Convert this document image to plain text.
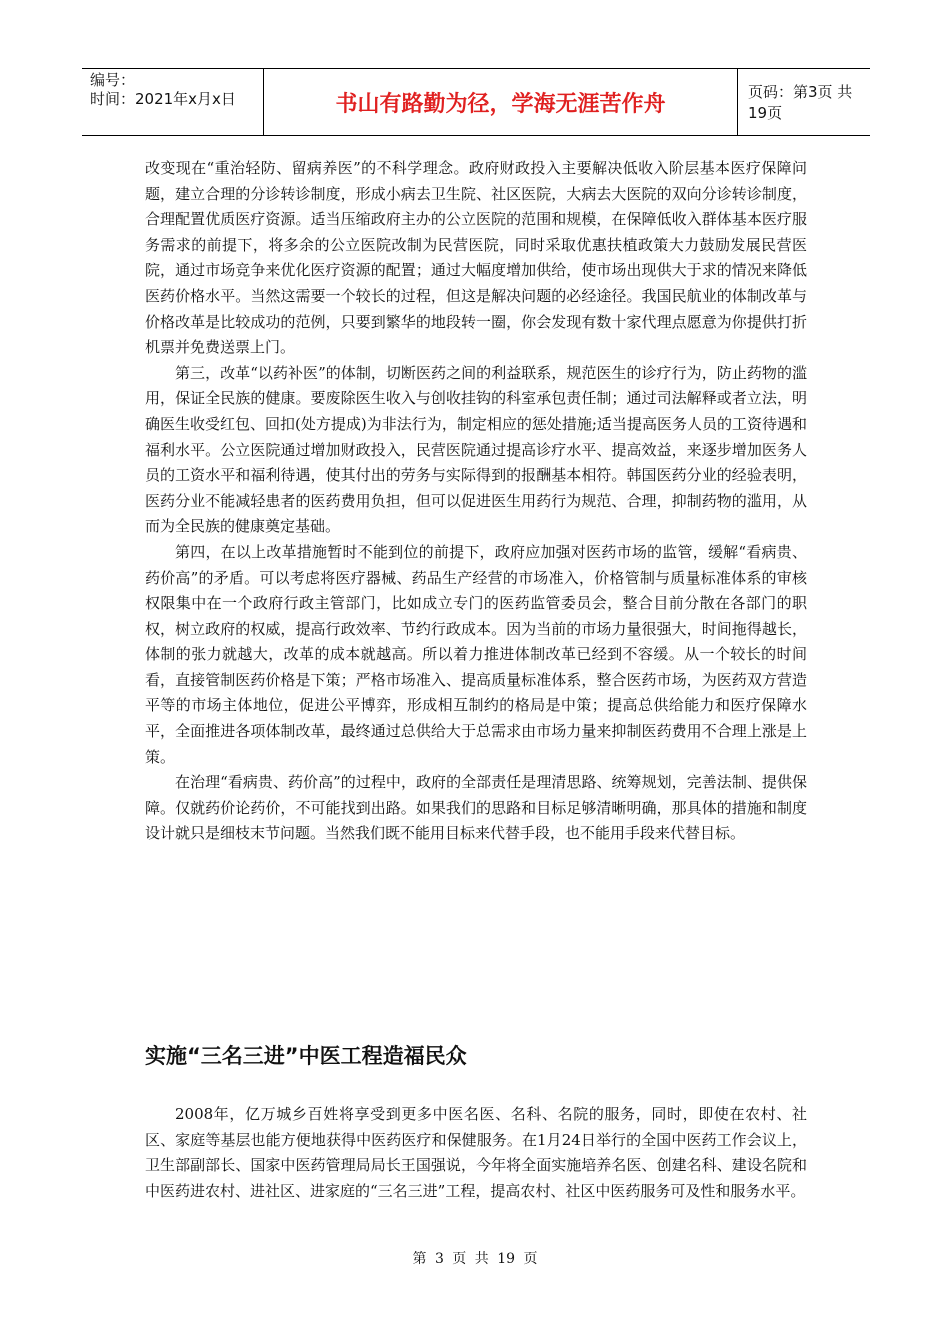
编号：
时间：2021年x月x日	书山有路勤为径，学海无涯苦作舟	页码：第3页 共19页

改变现在“重治轻防、留病养医”的不科学理念。政府财政投入主要解决低收入阶层基本医疗保障问题，建立合理的分诊转诊制度，形成小病去卫生院、社区医院，大病去大医院的双向分诊转诊制度，合理配置优质医疗资源。适当压缩政府主办的公立医院的范围和规模，在保障低收入群体基本医疗服务需求的前提下，将多余的公立医院改制为民营医院，同时采取优惠扶植政策大力鼓励发展民营医院，通过市场竞争来优化医疗资源的配置；通过大幅度增加供给，使市场出现供大于求的情况来降低医药价格水平。当然这需要一个较长的过程，但这是解决问题的必经途径。我国民航业的体制改革与价格改革是比较成功的范例，只要到繁华的地段转一圈，你会发现有数十家代理点愿意为你提供打折机票并免费送票上门。

第三，改革“以药补医”的体制，切断医药之间的利益联系，规范医生的诊疗行为，防止药物的滥用，保证全民族的健康。要废除医生收入与创收挂钩的科室承包责任制；通过司法解释或者立法，明确医生收受红包、回扣(处方提成)为非法行为，制定相应的惩处措施;适当提高医务人员的工资待遇和福利水平。公立医院通过增加财政投入，民营医院通过提高诊疗水平、提高效益，来逐步增加医务人员的工资水平和福利待遇，使其付出的劳务与实际得到的报酬基本相符。韩国医药分业的经验表明，医药分业不能减轻患者的医药费用负担，但可以促进医生用药行为规范、合理，抑制药物的滥用，从而为全民族的健康奠定基础。

第四，在以上改革措施暂时不能到位的前提下，政府应加强对医药市场的监管，缓解“看病贵、药价高”的矛盾。可以考虑将医疗器械、药品生产经营的市场准入，价格管制与质量标准体系的审核权限集中在一个政府行政主管部门，比如成立专门的医药监管委员会，整合目前分散在各部门的职权，树立政府的权威，提高行政效率、节约行政成本。因为当前的市场力量很强大，时间拖得越长，体制的张力就越大，改革的成本就越高。所以着力推进体制改革已经到不容缓。从一个较长的时间看，直接管制医药价格是下策；严格市场准入、提高质量标准体系，整合医药市场，为医药双方营造平等的市场主体地位，促进公平博弈，形成相互制约的格局是中策；提高总供给能力和医疗保障水平，全面推进各项体制改革，最终通过总供给大于总需求由市场力量来抑制医药费用不合理上涨是上策。

在治理“看病贵、药价高”的过程中，政府的全部责任是理清思路、统筹规划，完善法制、提供保障。仅就药价论药价，不可能找到出路。如果我们的思路和目标足够清晰明确，那具体的措施和制度设计就只是细枝末节问题。当然我们既不能用目标来代替手段，也不能用手段来代替目标。

实施“三名三进”中医工程造福民众

2008年，亿万城乡百姓将享受到更多中医名医、名科、名院的服务，同时，即使在农村、社区、家庭等基层也能方便地获得中医药医疗和保健服务。在1月24日举行的全国中医药工作会议上，卫生部副部长、国家中医药管理局局长王国强说，今年将全面实施培养名医、创建名科、建设名院和中医药进农村、进社区、进家庭的“三名三进”工程，提高农村、社区中医药服务可及性和服务水平。

第 3 页 共 19 页
